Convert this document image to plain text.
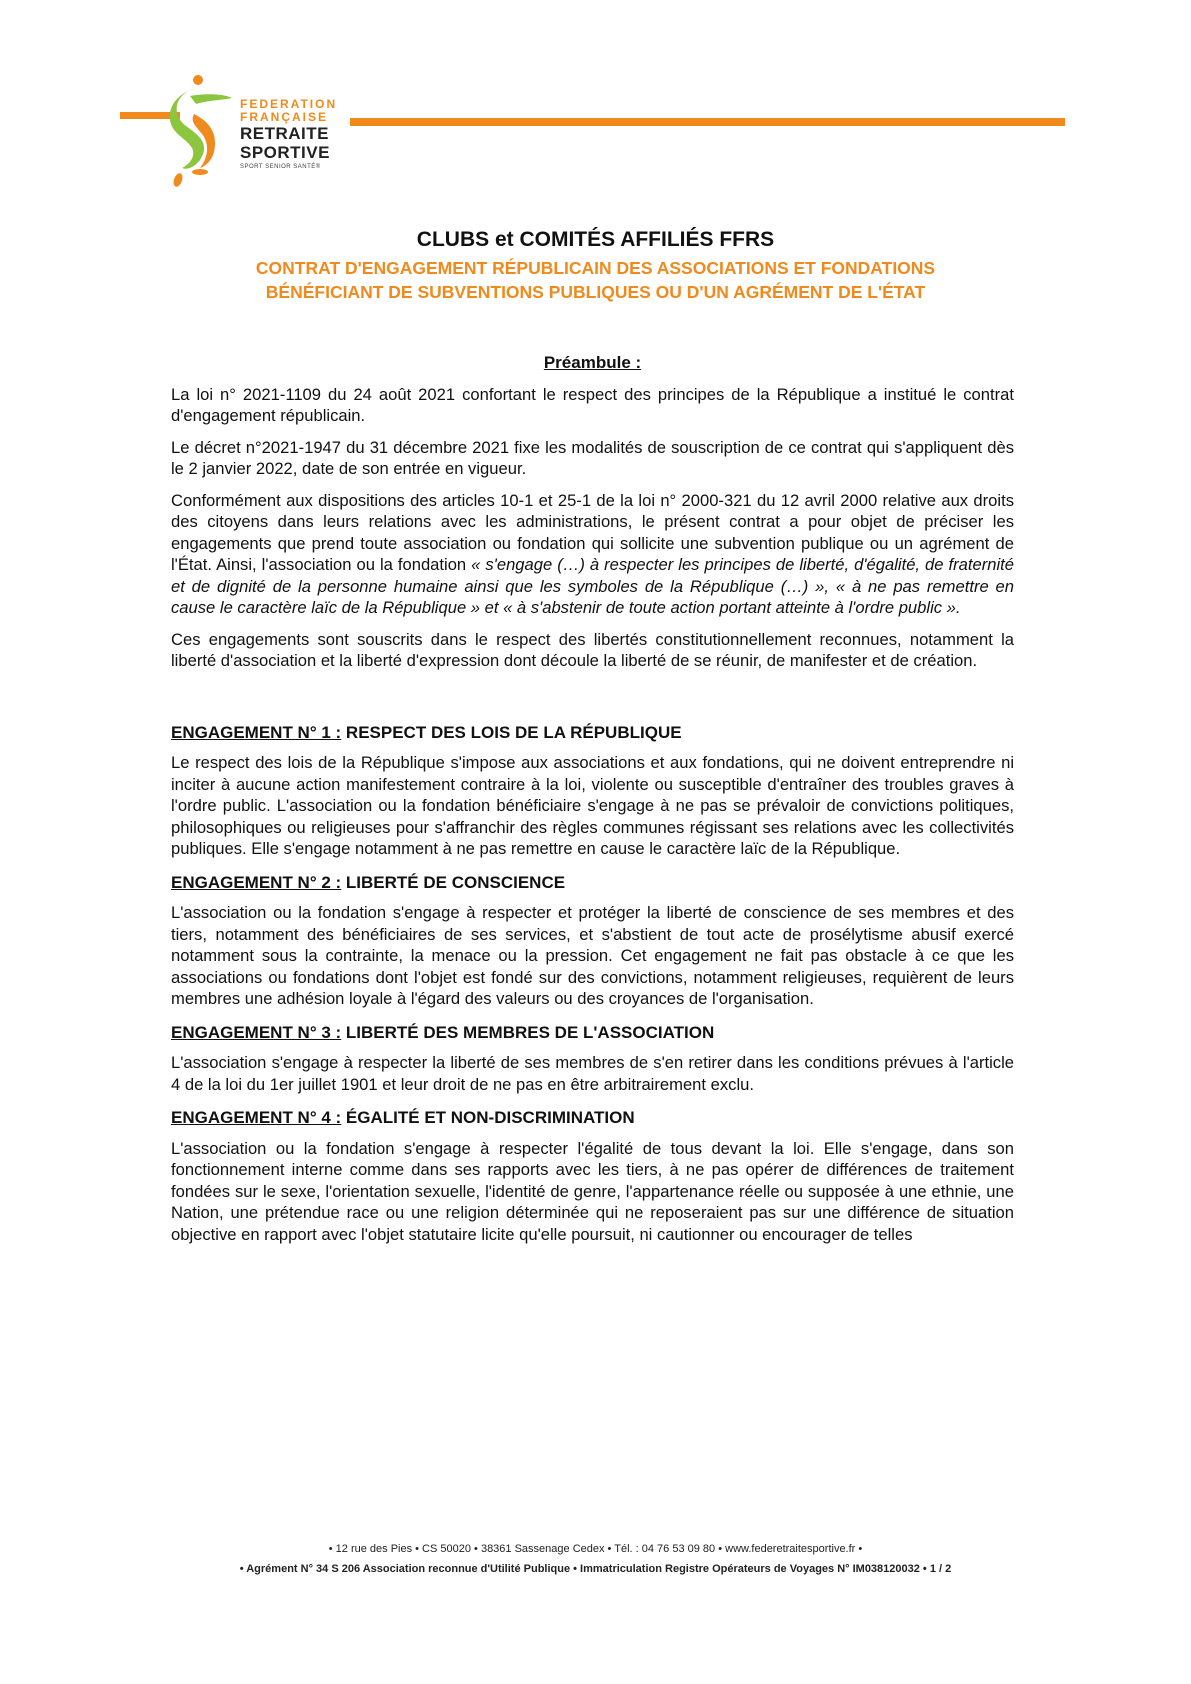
FEDERATION
FRANÇAISE
RETRAITE
SPORTIVE
SPORT SENIOR SANTÉ®
CLUBS et COMITÉS AFFILIÉS FFRS
CONTRAT D'ENGAGEMENT RÉPUBLICAIN DES ASSOCIATIONS ET FONDATIONS
BÉNÉFICIANT DE SUBVENTIONS PUBLIQUES OU D'UN AGRÉMENT DE L'ÉTAT
Préambule :

La loi n° 2021-1109 du 24 août 2021 confortant le respect des principes de la République a institué le contrat d'engagement républicain.

Le décret n°2021-1947 du 31 décembre 2021 fixe les modalités de souscription de ce contrat qui s'appliquent dès le 2 janvier 2022, date de son entrée en vigueur.

Conformément aux dispositions des articles 10-1 et 25-1 de la loi n° 2000-321 du 12 avril 2000 relative aux droits des citoyens dans leurs relations avec les administrations, le présent contrat a pour objet de préciser les engagements que prend toute association ou fondation qui sollicite une subvention publique ou un agrément de l'État. Ainsi, l'association ou la fondation « s'engage (…) à respecter les principes de liberté, d'égalité, de fraternité et de dignité de la personne humaine ainsi que les symboles de la République (…) », « à ne pas remettre en cause le caractère laïc de la République » et « à s'abstenir de toute action portant atteinte à l'ordre public ».

Ces engagements sont souscrits dans le respect des libertés constitutionnellement reconnues, notamment la liberté d'association et la liberté d'expression dont découle la liberté de se réunir, de manifester et de création.

ENGAGEMENT N° 1 : RESPECT DES LOIS DE LA RÉPUBLIQUE

Le respect des lois de la République s'impose aux associations et aux fondations, qui ne doivent entreprendre ni inciter à aucune action manifestement contraire à la loi, violente ou susceptible d'entraîner des troubles graves à l'ordre public. L'association ou la fondation bénéficiaire s'engage à ne pas se prévaloir de convictions politiques, philosophiques ou religieuses pour s'affranchir des règles communes régissant ses relations avec les collectivités publiques. Elle s'engage notamment à ne pas remettre en cause le caractère laïc de la République.

ENGAGEMENT N° 2 : LIBERTÉ DE CONSCIENCE

L'association ou la fondation s'engage à respecter et protéger la liberté de conscience de ses membres et des tiers, notamment des bénéficiaires de ses services, et s'abstient de tout acte de prosélytisme abusif exercé notamment sous la contrainte, la menace ou la pression. Cet engagement ne fait pas obstacle à ce que les associations ou fondations dont l'objet est fondé sur des convictions, notamment religieuses, requièrent de leurs membres une adhésion loyale à l'égard des valeurs ou des croyances de l'organisation.

ENGAGEMENT N° 3 : LIBERTÉ DES MEMBRES DE L'ASSOCIATION

L'association s'engage à respecter la liberté de ses membres de s'en retirer dans les conditions prévues à l'article 4 de la loi du 1er juillet 1901 et leur droit de ne pas en être arbitrairement exclu.

ENGAGEMENT N° 4 : ÉGALITÉ ET NON-DISCRIMINATION

L'association ou la fondation s'engage à respecter l'égalité de tous devant la loi. Elle s'engage, dans son fonctionnement interne comme dans ses rapports avec les tiers, à ne pas opérer de différences de traitement fondées sur le sexe, l'orientation sexuelle, l'identité de genre, l'appartenance réelle ou supposée à une ethnie, une Nation, une prétendue race ou une religion déterminée qui ne reposeraient pas sur une différence de situation objective en rapport avec l'objet statutaire licite qu'elle poursuit, ni cautionner ou encourager de telles

• 12 rue des Pies • CS 50020 • 38361 Sassenage Cedex • Tél. : 04 76 53 09 80 • www.federetraitesportive.fr •
• Agrément N° 34 S 206 Association reconnue d'Utilité Publique • Immatriculation Registre Opérateurs de Voyages N° IM038120032 • 1 / 2
